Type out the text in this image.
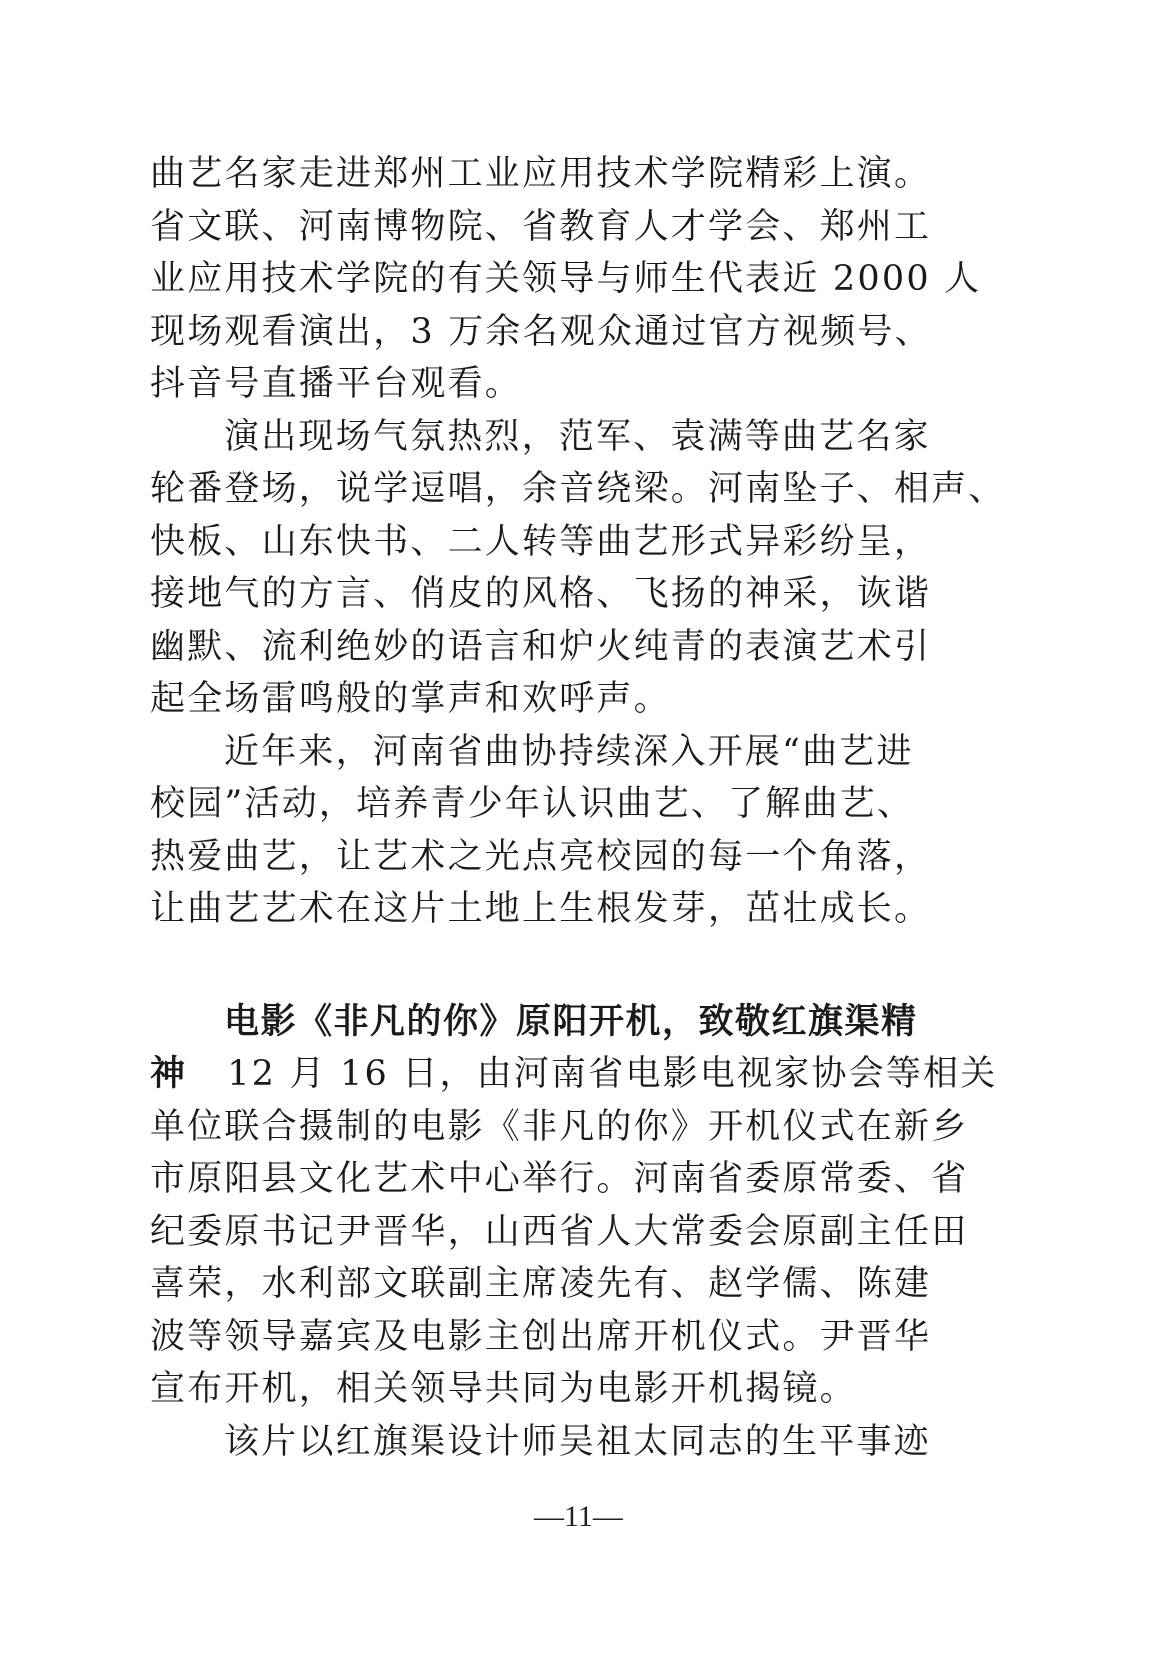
曲艺名家走进郑州工业应用技术学院精彩上演。
省文联、河南博物院、省教育人才学会、郑州工
业应用技术学院的有关领导与师生代表近 2000 人
现场观看演出，3 万余名观众通过官方视频号、
抖音号直播平台观看。
演出现场气氛热烈，范军、袁满等曲艺名家
轮番登场，说学逗唱，余音绕梁。河南坠子、相声、
快板、山东快书、二人转等曲艺形式异彩纷呈，
接地气的方言、俏皮的风格、飞扬的神采，诙谐
幽默、流利绝妙的语言和炉火纯青的表演艺术引
起全场雷鸣般的掌声和欢呼声。
近年来，河南省曲协持续深入开展“曲艺进
校园”活动，培养青少年认识曲艺、了解曲艺、
热爱曲艺，让艺术之光点亮校园的每一个角落，
让曲艺艺术在这片土地上生根发芽，茁壮成长。
电影《非凡的你》原阳开机，致敬红旗渠精
神 12 月 16 日，由河南省电影电视家协会等相关
单位联合摄制的电影《非凡的你》开机仪式在新乡
市原阳县文化艺术中心举行。河南省委原常委、省
纪委原书记尹晋华，山西省人大常委会原副主任田
喜荣，水利部文联副主席凌先有、赵学儒、陈建
波等领导嘉宾及电影主创出席开机仪式。尹晋华
宣布开机，相关领导共同为电影开机揭镜。
该片以红旗渠设计师吴祖太同志的生平事迹
—11—
